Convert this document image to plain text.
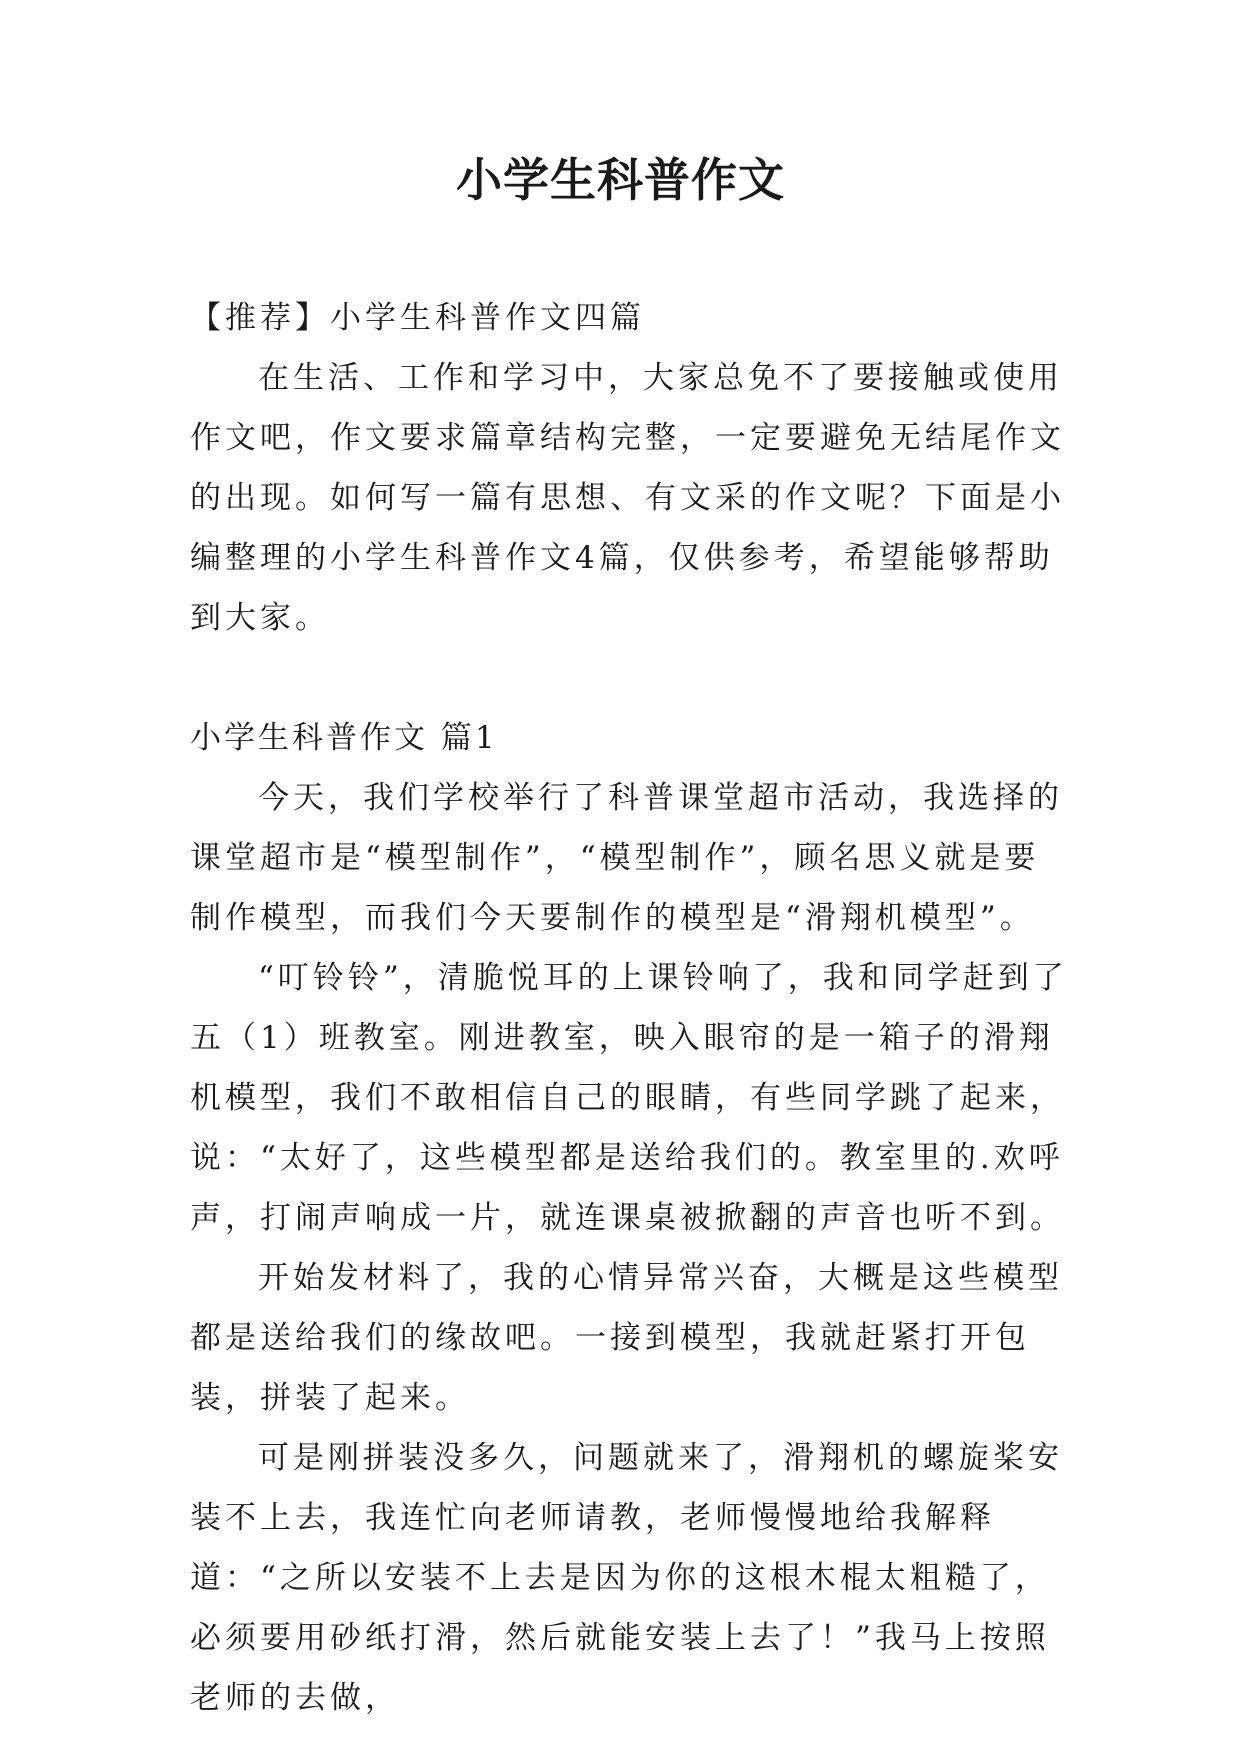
小学生科普作文

【推荐】小学生科普作文四篇

在生活、工作和学习中，大家总免不了要接触或使用作文吧，作文要求篇章结构完整，一定要避免无结尾作文的出现。如何写一篇有思想、有文采的作文呢？下面是小编整理的小学生科普作文4篇，仅供参考，希望能够帮助到大家。

小学生科普作文 篇1

今天，我们学校举行了科普课堂超市活动，我选择的课堂超市是“模型制作”，“模型制作”，顾名思义就是要制作模型，而我们今天要制作的模型是“滑翔机模型”。

“叮铃铃”，清脆悦耳的上课铃响了，我和同学赶到了五（1）班教室。刚进教室，映入眼帘的是一箱子的滑翔机模型，我们不敢相信自己的眼睛，有些同学跳了起来，说：“太好了，这些模型都是送给我们的。教室里的.欢呼声，打闹声响成一片，就连课桌被掀翻的声音也听不到。

开始发材料了，我的心情异常兴奋，大概是这些模型都是送给我们的缘故吧。一接到模型，我就赶紧打开包装，拼装了起来。

可是刚拼装没多久，问题就来了，滑翔机的螺旋桨安装不上去，我连忙向老师请教，老师慢慢地给我解释道：“之所以安装不上去是因为你的这根木棍太粗糙了，必须要用砂纸打滑，然后就能安装上去了！”我马上按照老师的去做，
